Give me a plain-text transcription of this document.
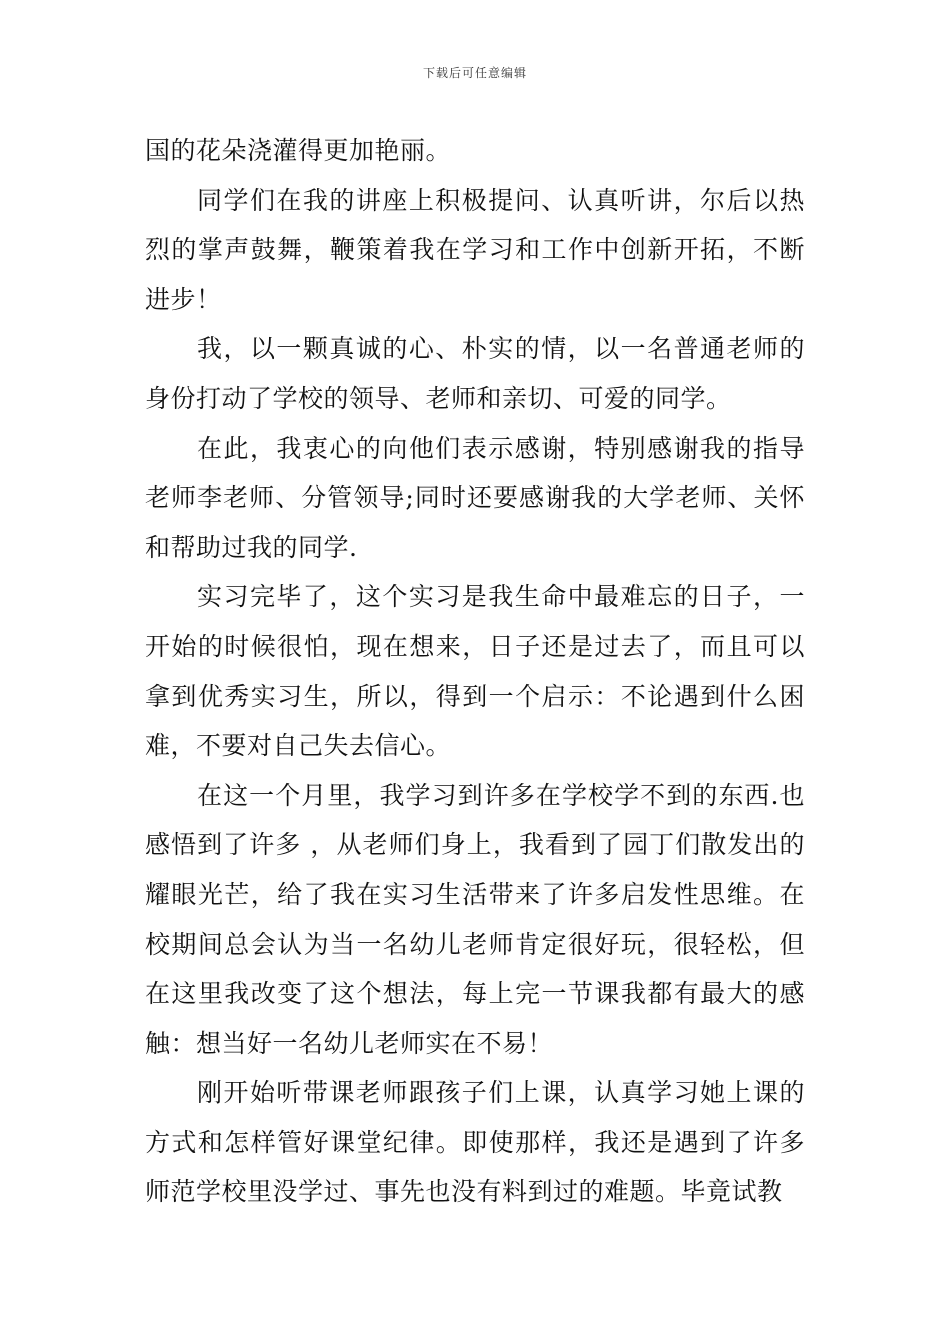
下载后可任意编辑

国的花朵浇灌得更加艳丽。

同学们在我的讲座上积极提问、认真听讲，尔后以热烈的掌声鼓舞，鞭策着我在学习和工作中创新开拓，不断进步！

我，以一颗真诚的心、朴实的情，以一名普通老师的身份打动了学校的领导、老师和亲切、可爱的同学。

在此，我衷心的向他们表示感谢，特别感谢我的指导老师李老师、分管领导;同时还要感谢我的大学老师、关怀和帮助过我的同学.

实习完毕了，这个实习是我生命中最难忘的日子，一开始的时候很怕，现在想来，日子还是过去了，而且可以拿到优秀实习生，所以，得到一个启示：不论遇到什么困难，不要对自己失去信心。

在这一个月里，我学习到许多在学校学不到的东西.也感悟到了许多 ，从老师们身上，我看到了园丁们散发出的耀眼光芒，给了我在实习生活带来了许多启发性思维。在校期间总会认为当一名幼儿老师肯定很好玩，很轻松，但在这里我改变了这个想法，每上完一节课我都有最大的感触：想当好一名幼儿老师实在不易！

刚开始听带课老师跟孩子们上课，认真学习她上课的方式和怎样管好课堂纪律。即使那样，我还是遇到了许多师范学校里没学过、事先也没有料到过的难题。毕竟试教
